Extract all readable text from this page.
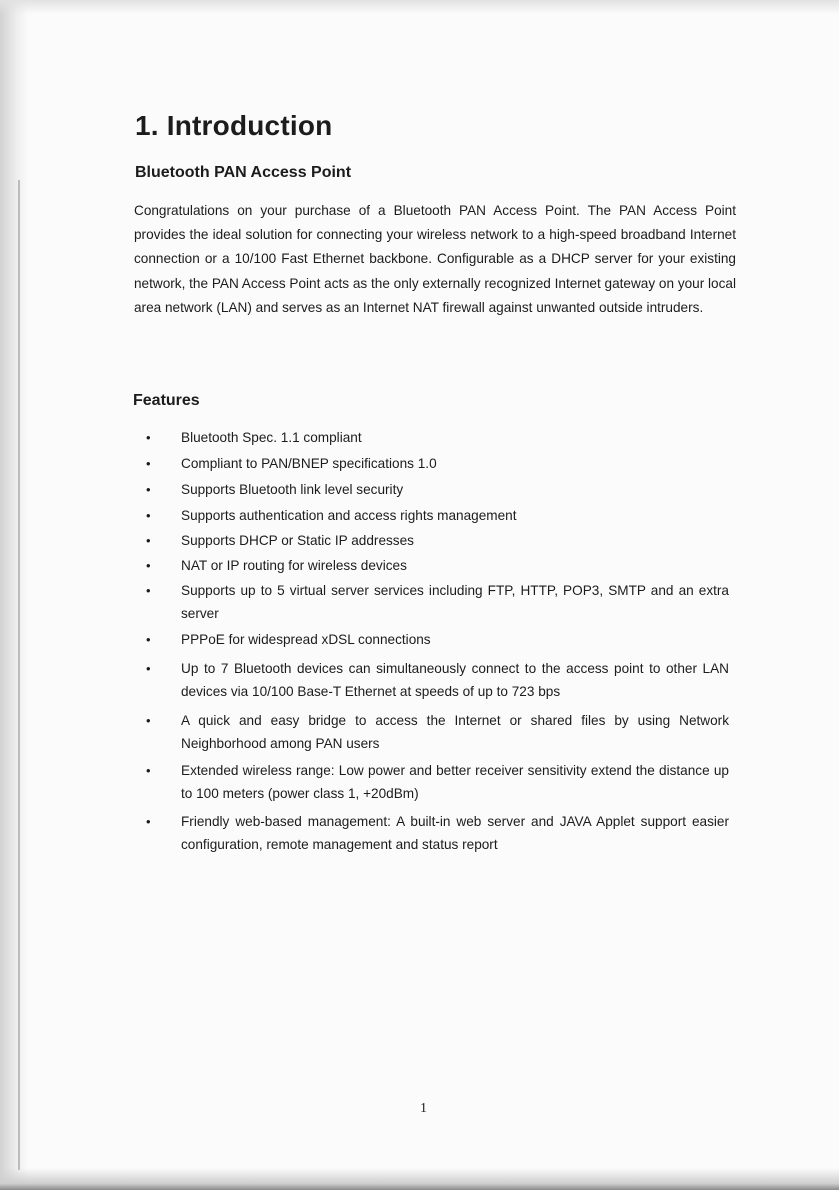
1. Introduction
Bluetooth PAN Access Point

Congratulations on your purchase of a Bluetooth PAN Access Point. The PAN Access Point provides the ideal solution for connecting your wireless network to a high-speed broadband Internet connection or a 10/100 Fast Ethernet backbone. Configurable as a DHCP server for your existing network, the PAN Access Point acts as the only externally recognized Internet gateway on your local area network (LAN) and serves as an Internet NAT firewall against unwanted outside intruders.

Features
• Bluetooth Spec. 1.1 compliant
• Compliant to PAN/BNEP specifications 1.0
• Supports Bluetooth link level security
• Supports authentication and access rights management
• Supports DHCP or Static IP addresses
• NAT or IP routing for wireless devices
• Supports up to 5 virtual server services including FTP, HTTP, POP3, SMTP and an extra server
• PPPoE for widespread xDSL connections
• Up to 7 Bluetooth devices can simultaneously connect to the access point to other LAN devices via 10/100 Base-T Ethernet at speeds of up to 723 bps
• A quick and easy bridge to access the Internet or shared files by using Network Neighborhood among PAN users
• Extended wireless range: Low power and better receiver sensitivity extend the distance up to 100 meters (power class 1, +20dBm)
• Friendly web-based management: A built-in web server and JAVA Applet support easier configuration, remote management and status report
1
